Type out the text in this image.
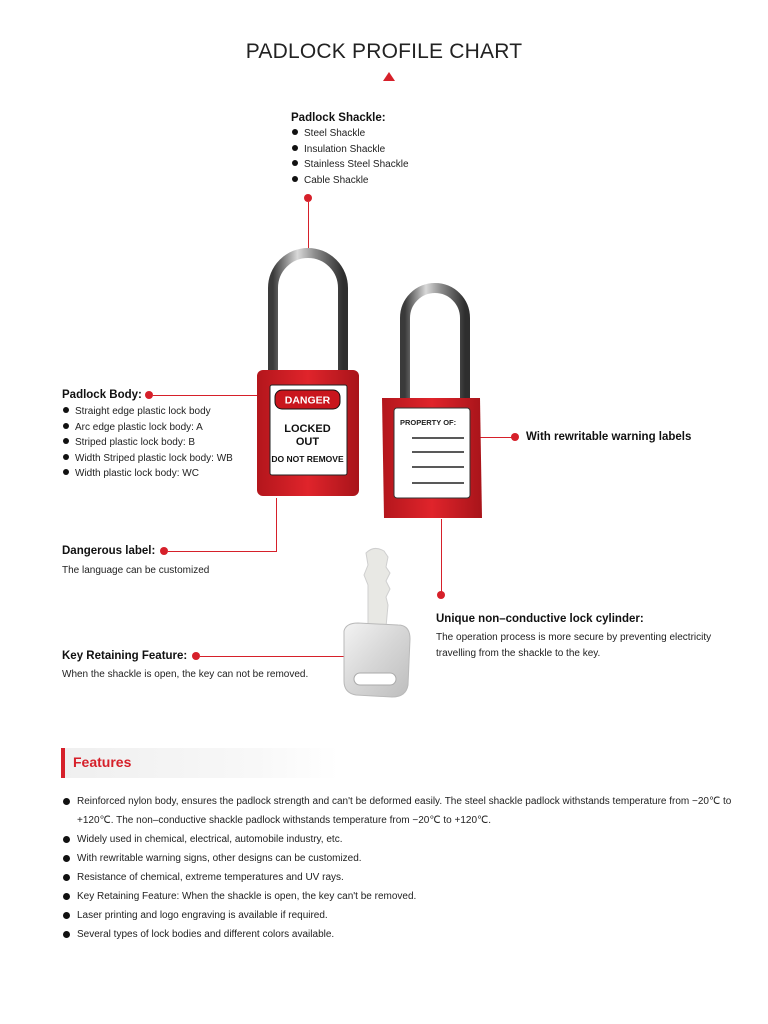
PADLOCK PROFILE CHART
Padlock Shackle:
Steel Shackle
Insulation Shackle
Stainless Steel Shackle
Cable Shackle
Padlock Body:
Straight edge plastic lock body
Arc edge plastic lock body: A
Striped plastic lock body: B
Width Striped plastic lock body: WB
Width plastic lock body: WC
With rewritable warning labels
Dangerous label:
The language can be customized
Unique non–conductive lock cylinder:
The operation process is more secure by preventing electricity travelling from the shackle to the key.
Key Retaining Feature:
When the shackle is open, the key can not be removed.
DANGER
LOCKED
OUT
DO NOT REMOVE
PROPERTY OF:
Features
Reinforced nylon body, ensures the padlock strength and can't be deformed easily. The steel shackle padlock withstands temperature from −20℃ to +120℃. The non–conductive shackle padlock withstands temperature from −20℃ to +120℃.
Widely used in chemical, electrical, automobile industry, etc.
With rewritable warning signs, other designs can be customized.
Resistance of chemical, extreme temperatures and UV rays.
Key Retaining Feature: When the shackle is open, the key can't be removed.
Laser printing and logo engraving is available if required.
Several types of lock bodies and different colors available.
